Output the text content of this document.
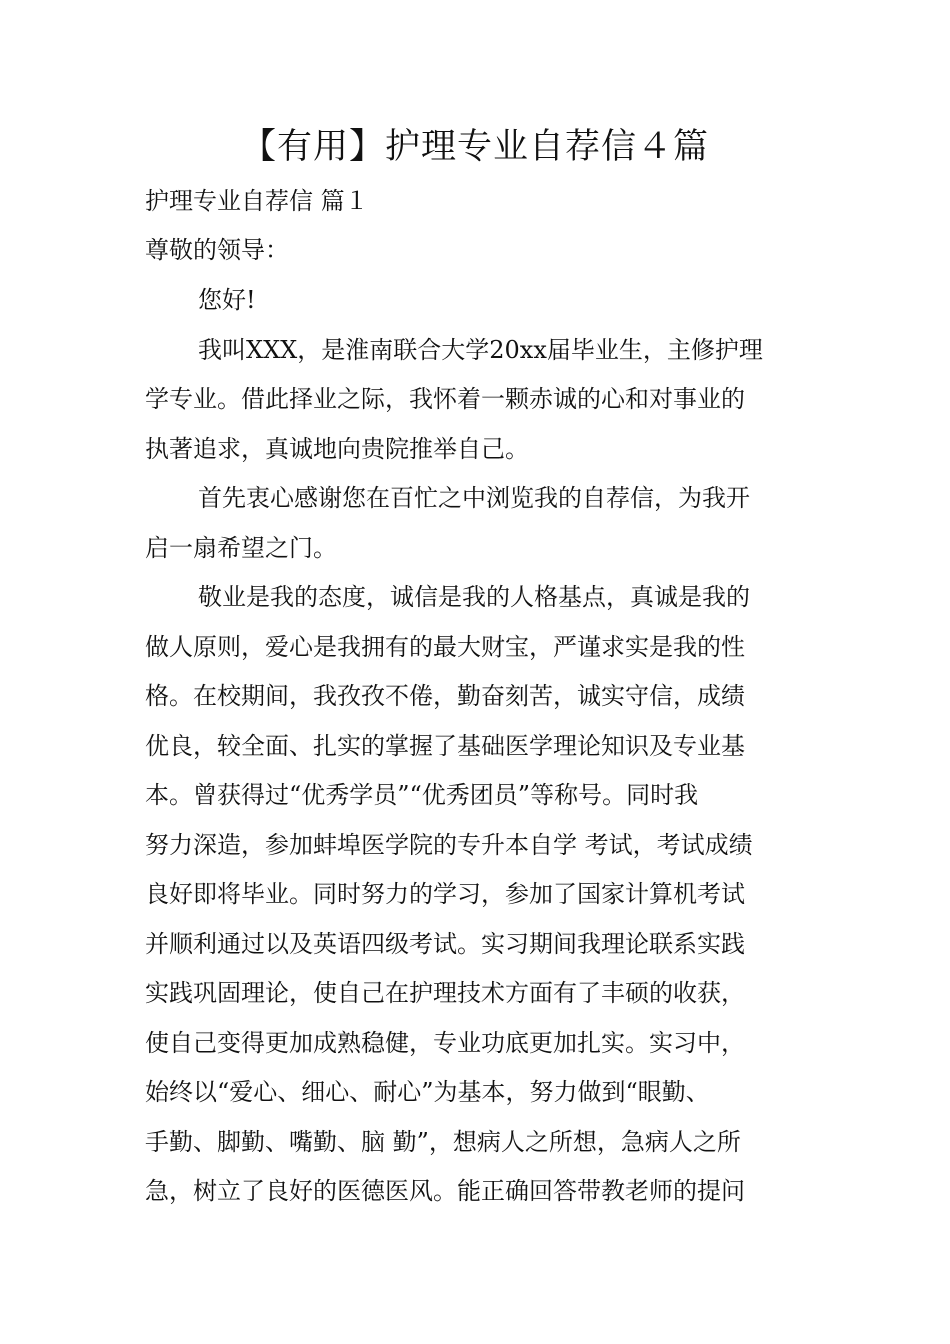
【有用】护理专业自荐信４篇
护理专业自荐信 篇１
尊敬的领导：
您好!
我叫XXX，是淮南联合大学20xx届毕业生，主修护理
学专业。借此择业之际，我怀着一颗赤诚的心和对事业的
执著追求，真诚地向贵院推举自己。
首先衷心感谢您在百忙之中浏览我的自荐信，为我开
启一扇希望之门。
敬业是我的态度，诚信是我的人格基点，真诚是我的
做人原则，爱心是我拥有的最大财宝，严谨求实是我的性
格。在校期间，我孜孜不倦，勤奋刻苦，诚实守信，成绩
优良，较全面、扎实的掌握了基础医学理论知识及专业基
本。曾获得过“优秀学员”“优秀团员”等称号。同时我
努力深造，参加蚌埠医学院的专升本自学 考试，考试成绩
良好即将毕业。同时努力的学习，参加了国家计算机考试
并顺利通过以及英语四级考试。实习期间我理论联系实践
实践巩固理论，使自己在护理技术方面有了丰硕的收获，
使自己变得更加成熟稳健，专业功底更加扎实。实习中，
始终以“爱心、细心、耐心”为基本，努力做到“眼勤、
手勤、脚勤、嘴勤、脑 勤”，想病人之所想，急病人之所
急，树立了良好的医德医风。能正确回答带教老师的提问
